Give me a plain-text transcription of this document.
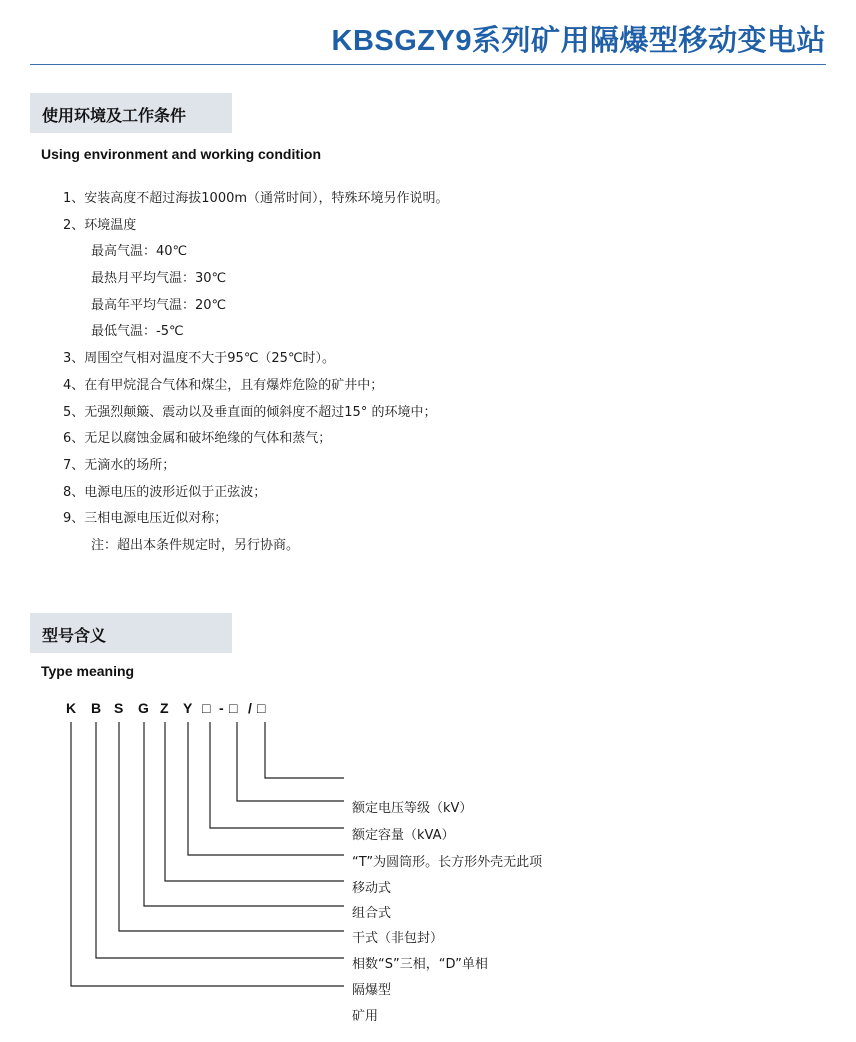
KBSGZY9系列矿用隔爆型移动变电站
使用环境及工作条件
Using environment and working condition
1、安装高度不超过海拔1000m（通常时间），特殊环境另作说明。
2、环境温度
最高气温：40℃
最热月平均气温：30℃
最高年平均气温：20℃
最低气温：-5℃
3、周围空气相对温度不大于95℃（25℃时）。
4、在有甲烷混合气体和煤尘，且有爆炸危险的矿井中；
5、无强烈颠簸、震动以及垂直面的倾斜度不超过15° 的环境中；
6、无足以腐蚀金属和破坏绝缘的气体和蒸气；
7、无滴水的场所；
8、电源电压的波形近似于正弦波；
9、三相电源电压近似对称；
注：超出本条件规定时，另行协商。
型号含义
Type meaning
K B S G Z Y □ - □ / □
额定电压等级（kV）
额定容量（kVA）
“T”为圆筒形。长方形外壳无此项
移动式
组合式
干式（非包封）
相数“S”三相，“D”单相
隔爆型
矿用
